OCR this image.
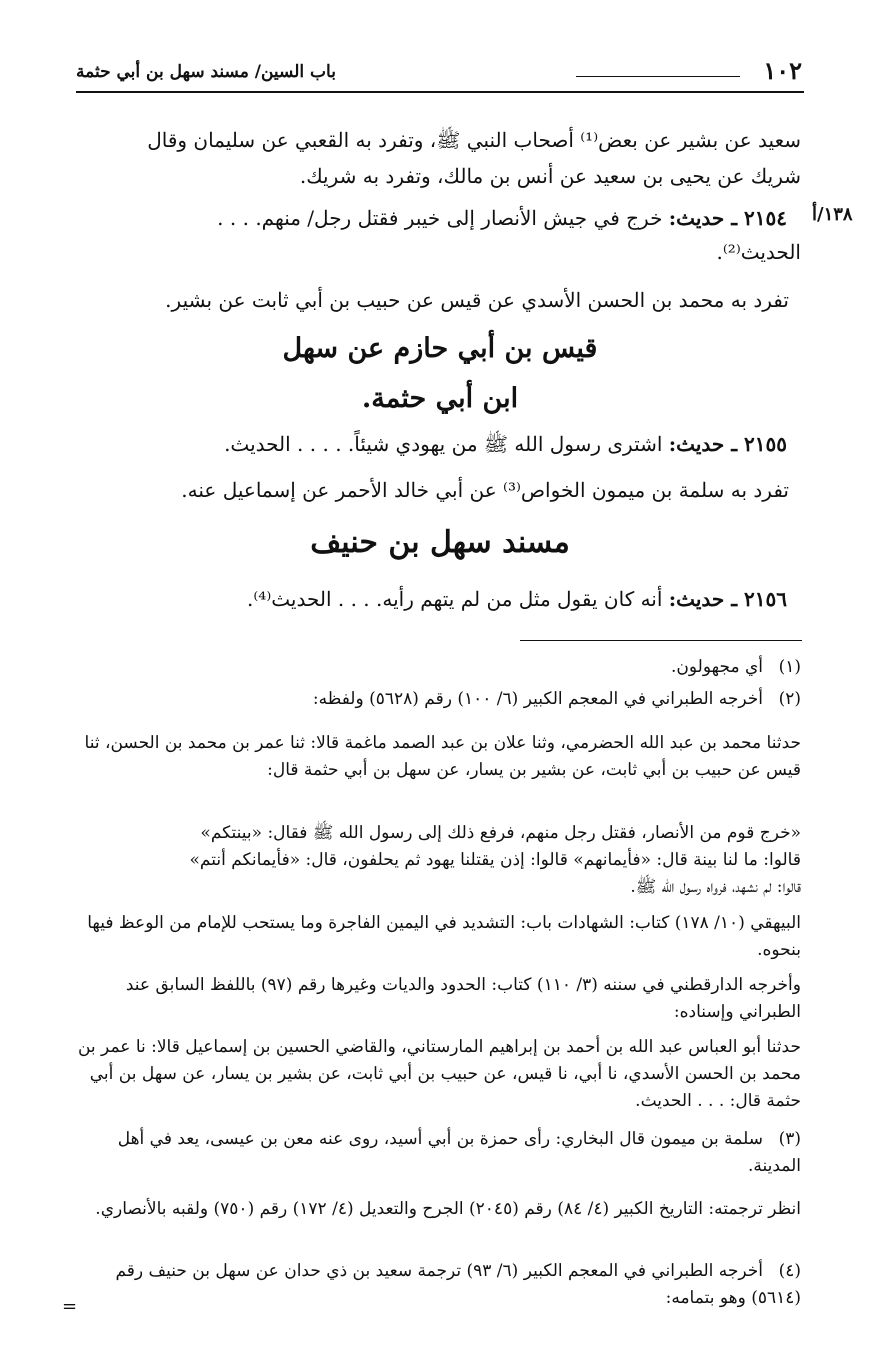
١٠٢
باب السين/ مسند سهل بن أبي حثمة
١٣٨/أ

سعيد عن بشير عن بعض⁽¹⁾ أصحاب النبي ﷺ، وتفرد به القعبي عن سليمان وقال

شريك عن يحيى بن سعيد عن أنس بن مالك، وتفرد به شريك.

٢١٥٤ ـ حديث: خرج في جيش الأنصار إلى خيبر فقتل رجل/ منهم. . . .

الحديث⁽²⁾.

تفرد به محمد بن الحسن الأسدي عن قيس عن حبيب بن أبي ثابت عن بشير.

قيس بن أبي حازم عن سهل
ابن أبي حثمة.

٢١٥٥ ـ حديث: اشترى رسول الله ﷺ من يهودي شيئاً. . . . . الحديث.

تفرد به سلمة بن ميمون الخواص⁽³⁾ عن أبي خالد الأحمر عن إسماعيل عنه.

مسند سهل بن حنيف

٢١٥٦ ـ حديث: أنه كان يقول مثل من لم يتهم رأيه. . . . الحديث⁽⁴⁾.

(١)أي مجهولون.
(٢)أخرجه الطبراني في المعجم الكبير (٦/ ١٠٠) رقم (٥٦٢٨) ولفظه:
حدثنا محمد بن عبد الله الحضرمي، وثنا علان بن عبد الصمد ماغمة قالا: ثنا عمر بن محمد بن الحسن، ثنا قيس عن حبيب بن أبي ثابت، عن بشير بن يسار، عن سهل بن أبي حثمة قال:
«خرج قوم من الأنصار، فقتل رجل منهم، فرفع ذلك إلى رسول الله ﷺ فقال: «بينتكم»
قالوا: ما لنا بينة قال: «فأيمانهم» قالوا: إذن يقتلنا يهود ثم يحلفون، قال: «فأيمانكم أنتم»
قالوا: لم نشهد، فرواه رسول الله ﷺ.
البيهقي (١٠/ ١٧٨) كتاب: الشهادات باب: التشديد في اليمين الفاجرة وما يستحب للإمام من الوعظ فيها بنحوه.
وأخرجه الدارقطني في سننه (٣/ ١١٠) كتاب: الحدود والديات وغيرها رقم (٩٧) باللفظ السابق عند الطبراني وإسناده:
حدثنا أبو العباس عبد الله بن أحمد بن إبراهيم المارستاني، والقاضي الحسين بن إسماعيل قالا: نا عمر بن محمد بن الحسن الأسدي، نا أبي، نا قيس، عن حبيب بن أبي ثابت، عن بشير بن يسار، عن سهل بن أبي حثمة قال: . . . الحديث.
(٣)سلمة بن ميمون قال البخاري: رأى حمزة بن أبي أسيد، روى عنه معن بن عيسى، يعد في أهل المدينة.
انظر ترجمته: التاريخ الكبير (٤/ ٨٤) رقم (٢٠٤٥) الجرح والتعديل (٤/ ١٧٢) رقم (٧٥٠) ولقبه بالأنصاري.
(٤)أخرجه الطبراني في المعجم الكبير (٦/ ٩٣) ترجمة سعيد بن ذي حدان عن سهل بن حنيف رقم (٥٦١٤) وهو بتمامه:
=
